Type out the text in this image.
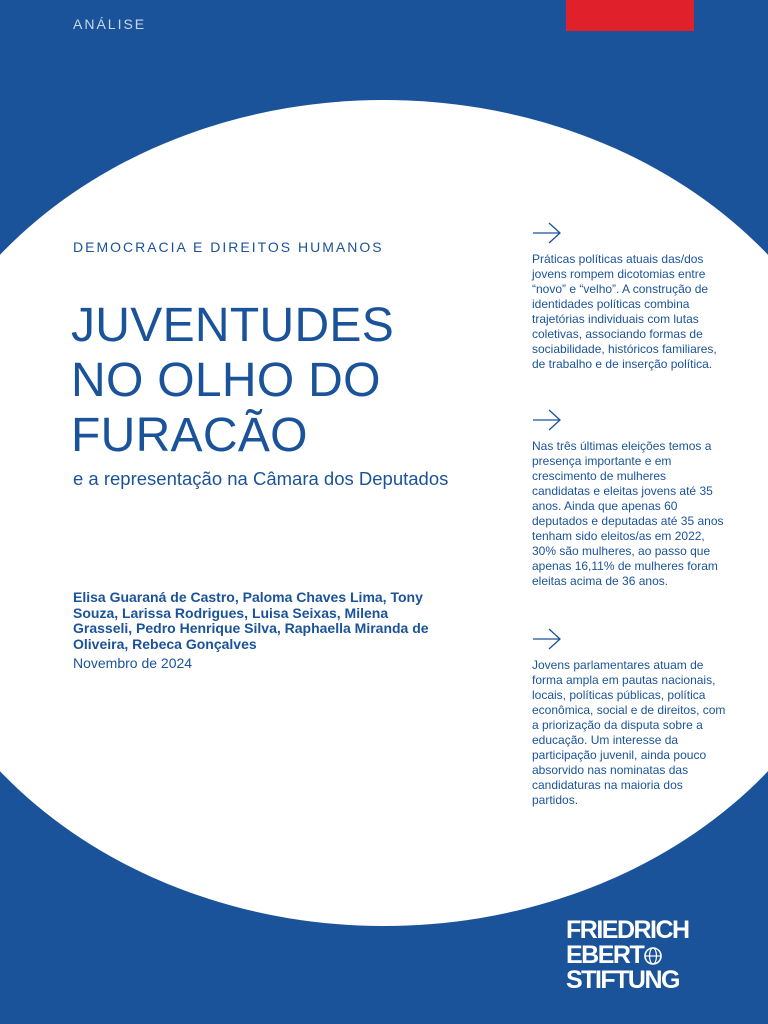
ANÁLISE
DEMOCRACIA E DIREITOS HUMANOS
JUVENTUDES
NO OLHO DO
FURACÃO
e a representação na Câmara dos Deputados
Elisa Guaraná de Castro, Paloma Chaves Lima, Tony Souza, Larissa Rodrigues, Luisa Seixas, Milena Grasseli, Pedro Henrique Silva, Raphaella Miranda de Oliveira, Rebeca Gonçalves
Novembro de 2024

Práticas políticas atuais das/dos jovens rompem dicotomias entre “novo” e “velho”. A construção de identidades políticas combina trajetórias individuais com lutas coletivas, associando formas de sociabilidade, históricos familiares, de trabalho e de inserção política.

Nas três últimas eleições temos a presença importante e em crescimento de mulheres candidatas e eleitas jovens até 35 anos. Ainda que apenas 60 deputados e deputadas até 35 anos tenham sido eleitos/as em 2022, 30% são mulheres, ao passo que apenas 16,11% de mulheres foram eleitas acima de 36 anos.

Jovens parlamentares atuam de forma ampla em pautas nacionais, locais, políticas públicas, política econômica, social e de direitos, com a priorização da disputa sobre a educação. Um interesse da participação juvenil, ainda pouco absorvido nas nominatas das candidaturas na maioria dos partidos.

FRIEDRICH
EBERT
STIFTUNG
